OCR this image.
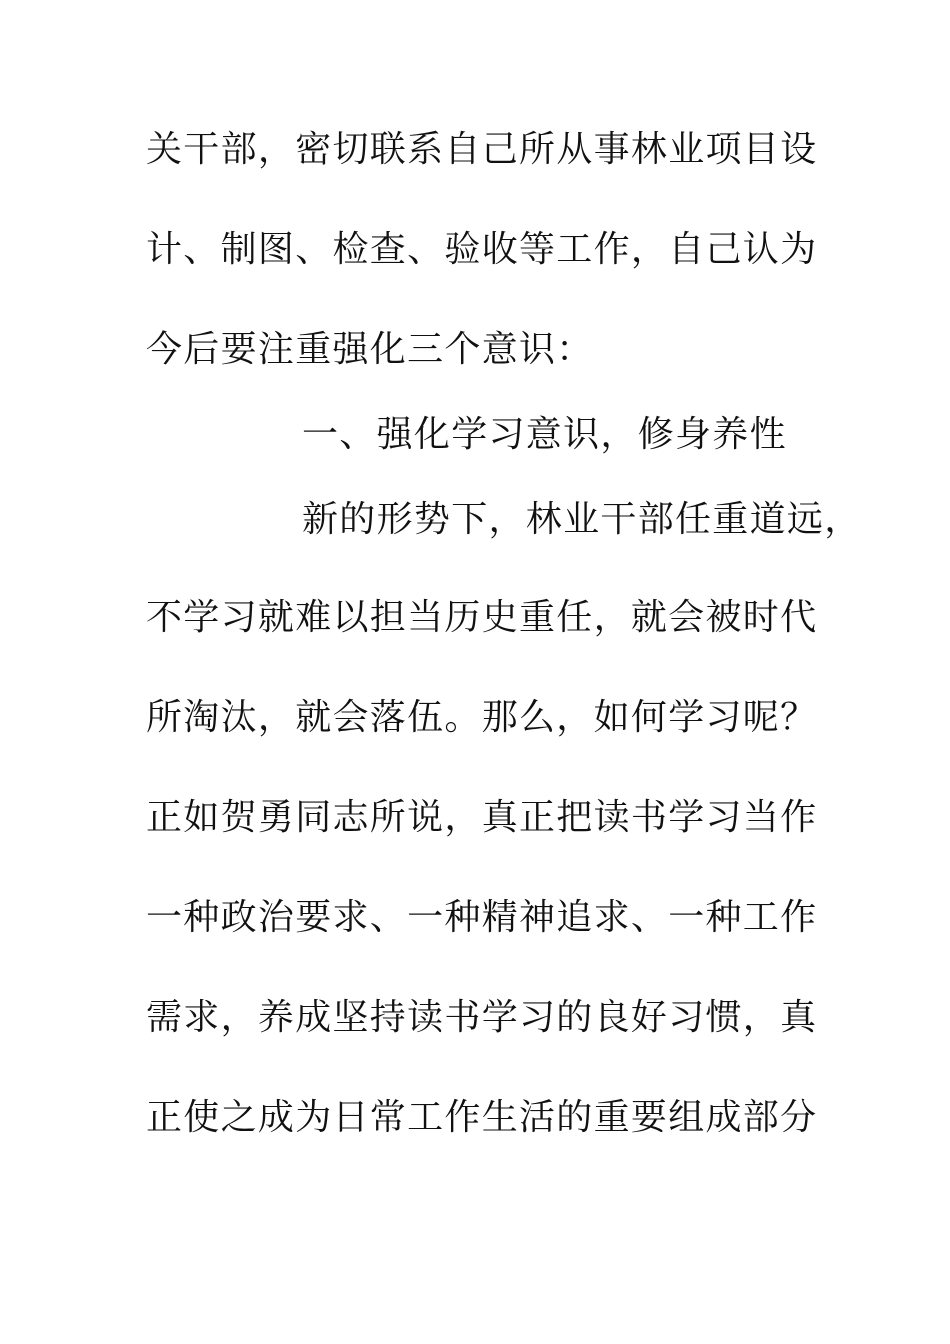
关干部，密切联系自己所从事林业项目设
计、制图、检查、验收等工作，自己认为
今后要注重强化三个意识：
一、强化学习意识，修身养性
新的形势下，林业干部任重道远，
不学习就难以担当历史重任，就会被时代
所淘汰，就会落伍。那么，如何学习呢？
正如贺勇同志所说，真正把读书学习当作
一种政治要求、一种精神追求、一种工作
需求，养成坚持读书学习的良好习惯，真
正使之成为日常工作生活的重要组成部分
